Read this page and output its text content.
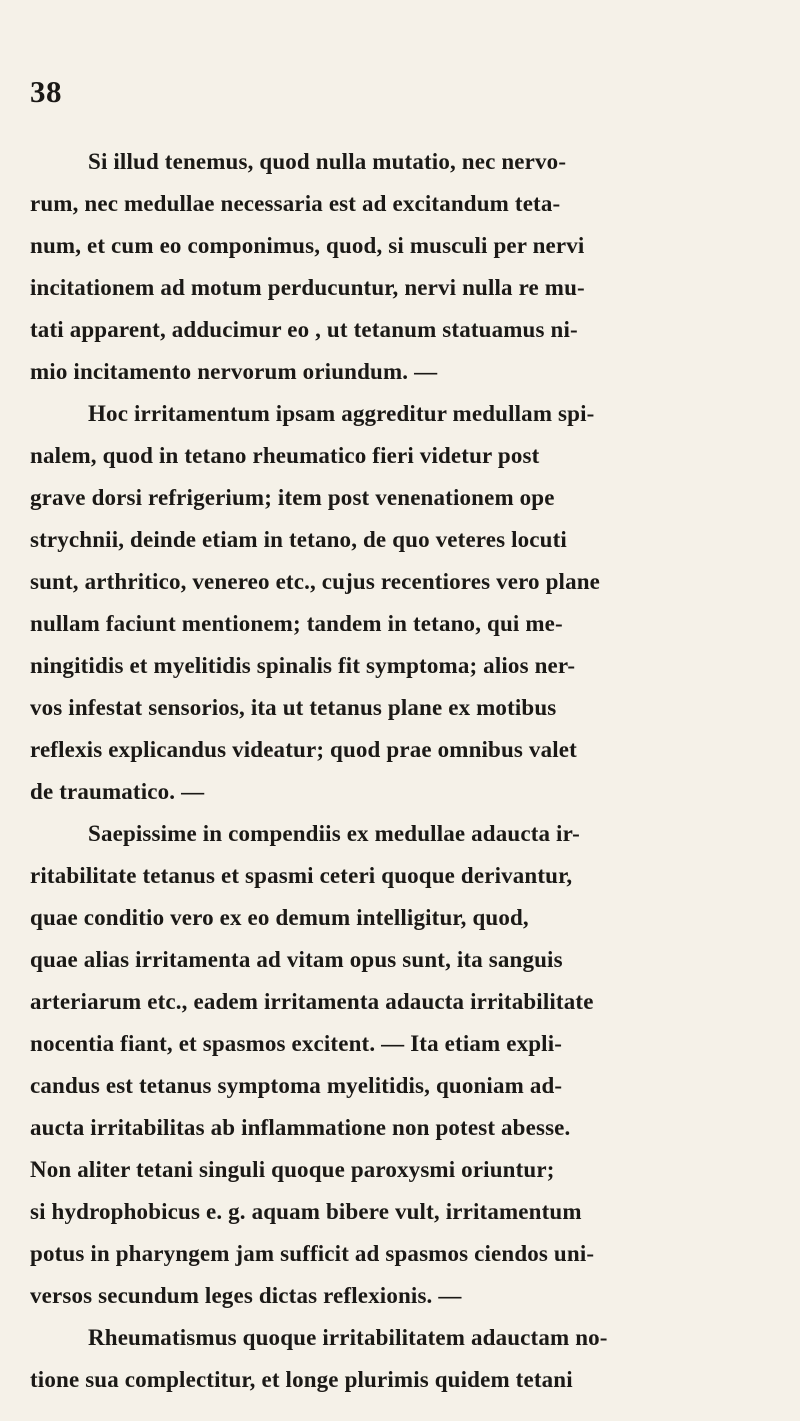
38
Si illud tenemus, quod nulla mutatio, nec nervo-
rum, nec medullae necessaria est ad excitandum teta-
num, et cum eo componimus, quod, si musculi per nervi
incitationem ad motum perducuntur, nervi nulla re mu-
tati apparent, adducimur eo , ut tetanum statuamus ni-
mio incitamento nervorum oriundum. —
Hoc irritamentum ipsam aggreditur medullam spi-
nalem, quod in tetano rheumatico fieri videtur post
grave dorsi refrigerium; item post venenationem ope
strychnii, deinde etiam in tetano, de quo veteres locuti
sunt, arthritico, venereo etc., cujus recentiores vero plane
nullam faciunt mentionem; tandem in tetano, qui me-
ningitidis et myelitidis spinalis fit symptoma; alios ner-
vos infestat sensorios, ita ut tetanus plane ex motibus
reflexis explicandus videatur; quod prae omnibus valet
de traumatico. —
Saepissime in compendiis ex medullae adaucta ir-
ritabilitate tetanus et spasmi ceteri quoque derivantur,
quae conditio vero ex eo demum intelligitur, quod,
quae alias irritamenta ad vitam opus sunt, ita sanguis
arteriarum etc., eadem irritamenta adaucta irritabilitate
nocentia fiant, et spasmos excitent. — Ita etiam expli-
candus est tetanus symptoma myelitidis, quoniam ad-
aucta irritabilitas ab inflammatione non potest abesse.
Non aliter tetani singuli quoque paroxysmi oriuntur;
si hydrophobicus e. g. aquam bibere vult, irritamentum
potus in pharyngem jam sufficit ad spasmos ciendos uni-
versos secundum leges dictas reflexionis. —
Rheumatismus quoque irritabilitatem adauctam no-
tione sua complectitur, et longe plurimis quidem tetani
